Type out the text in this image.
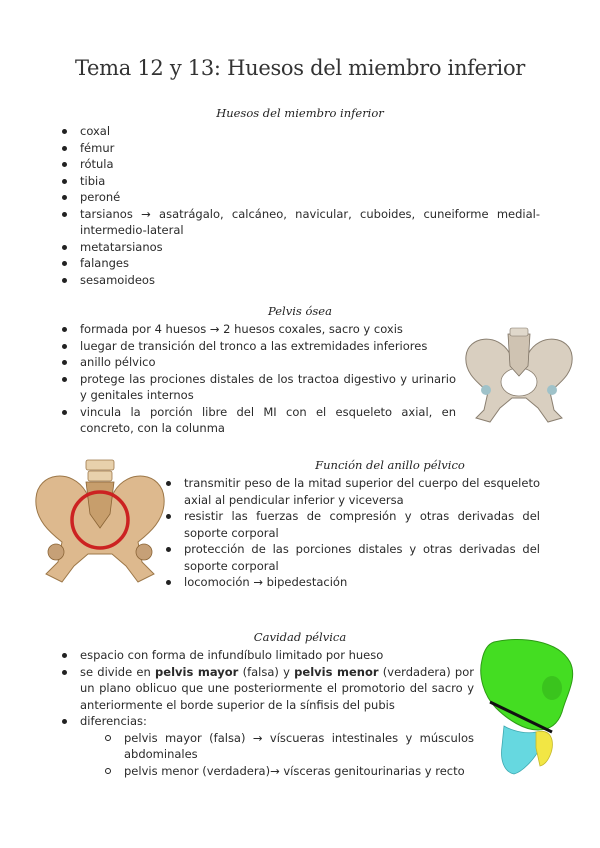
Tema 12 y 13: Huesos del miembro inferior
Huesos del miembro inferior
coxal
fémur
rótula
tibia
peroné
tarsianos → asatrágalo, calcáneo, navicular, cuboides, cuneiforme medial-intermedio-lateral
metatarsianos
falanges
sesamoideos
Pelvis ósea
formada por 4 huesos → 2 huesos coxales, sacro y coxis
luegar de transición del tronco a las extremidades inferiores
anillo pélvico
protege las prociones distales de los tractoa digestivo y urinario y genitales internos
vincula la porción libre del MI con el esqueleto axial, en concreto, con la colunma
Función del anillo pélvico
transmitir peso de la mitad superior del cuerpo del esqueleto axial al pendicular inferior y viceversa
resistir las fuerzas de compresión y otras derivadas del soporte corporal
protección de las porciones distales y otras derivadas del soporte corporal
locomoción → bipedestación
Cavidad pélvica
espacio con forma de infundíbulo limitado por hueso
se divide en pelvis mayor (falsa) y pelvis menor (verdadera) por un plano oblicuo que une posteriormente el promotorio del sacro y anteriormente el borde superior de la sínfisis del pubis
diferencias:
pelvis mayor (falsa) → víscueras intestinales y músculos abdominales
pelvis menor (verdadera)→ vísceras genitourinarias y recto
